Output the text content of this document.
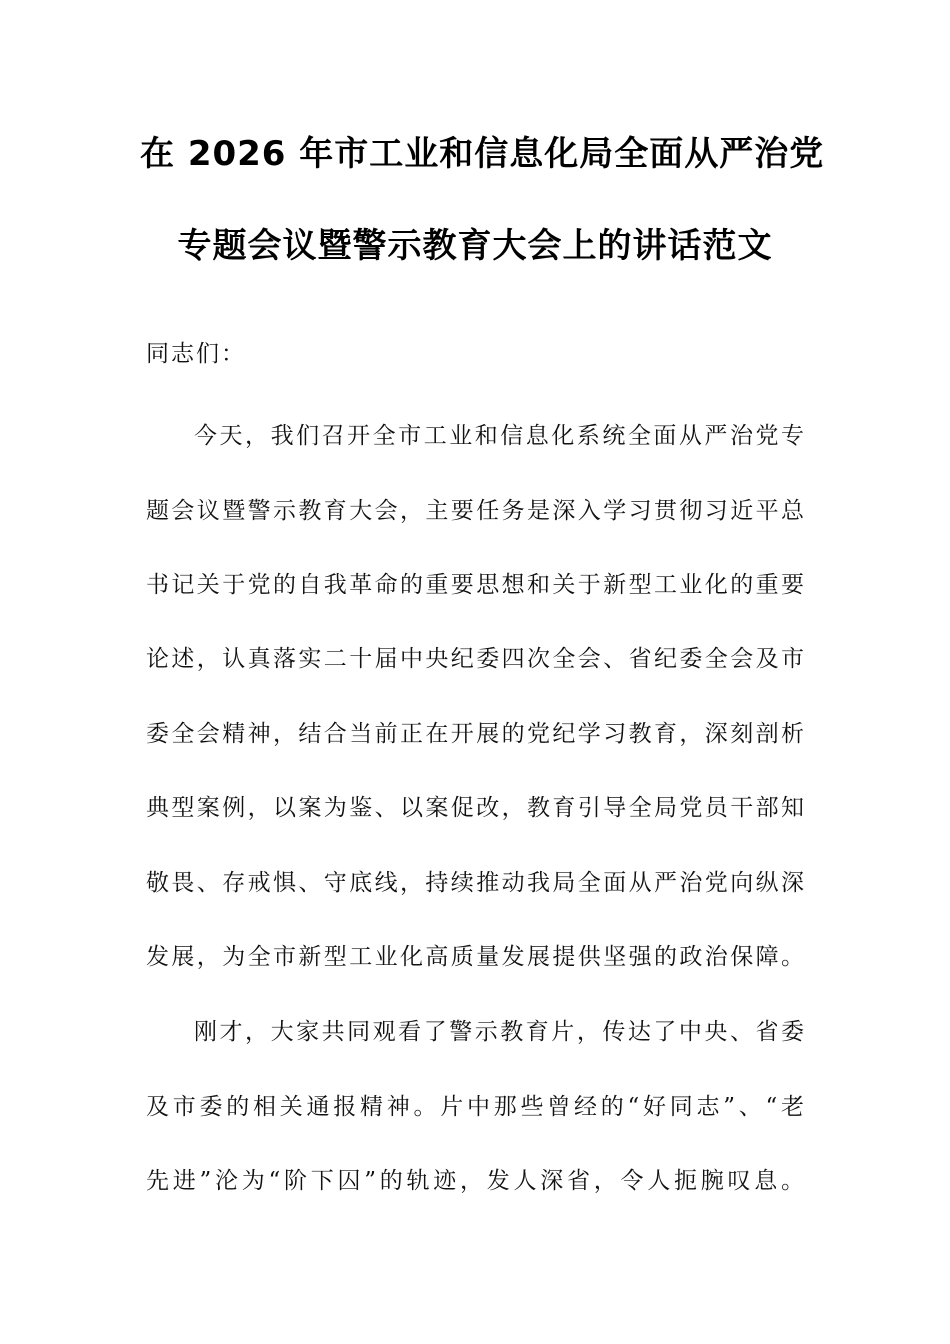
在 2026 年市工业和信息化局全面从严治党
专题会议暨警示教育大会上的讲话范文
同志们：
今天，我们召开全市工业和信息化系统全面从严治党专
题会议暨警示教育大会，主要任务是深入学习贯彻习近平总
书记关于党的自我革命的重要思想和关于新型工业化的重要
论述，认真落实二十届中央纪委四次全会、省纪委全会及市
委全会精神，结合当前正在开展的党纪学习教育，深刻剖析
典型案例，以案为鉴、以案促改，教育引导全局党员干部知
敬畏、存戒惧、守底线，持续推动我局全面从严治党向纵深
发展，为全市新型工业化高质量发展提供坚强的政治保障。
刚才，大家共同观看了警示教育片，传达了中央、省委
及市委的相关通报精神。片中那些曾经的“好同志”、“老
先进”沦为“阶下囚”的轨迹，发人深省，令人扼腕叹息。
